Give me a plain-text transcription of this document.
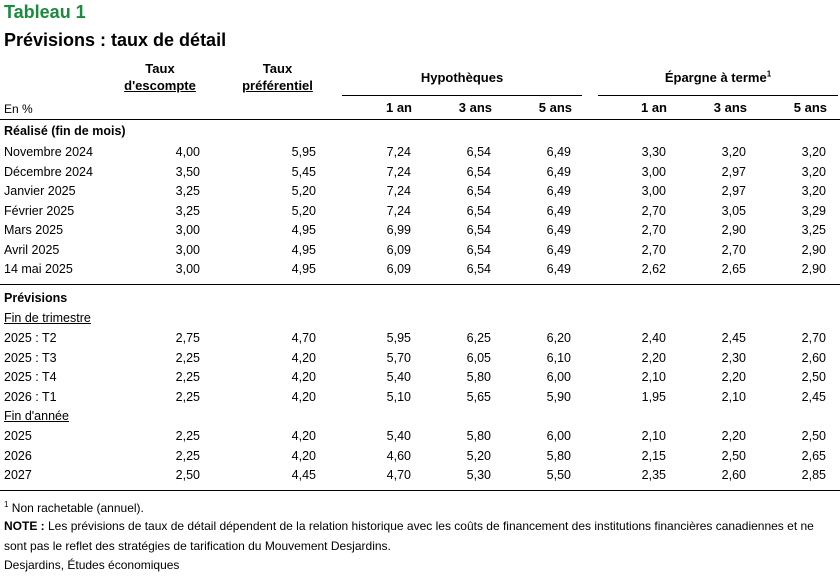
Tableau 1
Prévisions : taux de détail
Taux
d'escompte
Taux
préférentiel
Hypothèques	Épargne à terme$^1$
En %	1 an	3 ans	5 ans	1 an	3 ans	5 ans
Réalisé (fin de mois)
Novembre 2024	4,00	5,95	7,24	6,54	6,49	3,30	3,20	3,20
Décembre 2024	3,50	5,45	7,24	6,54	6,49	3,00	2,97	3,20
Janvier 2025	3,25	5,20	7,24	6,54	6,49	3,00	2,97	3,20
Février 2025	3,25	5,20	7,24	6,54	6,49	2,70	3,05	3,29
Mars 2025	3,00	4,95	6,99	6,54	6,49	2,70	2,90	3,25
Avril 2025	3,00	4,95	6,09	6,54	6,49	2,70	2,70	2,90
14 mai 2025	3,00	4,95	6,09	6,54	6,49	2,62	2,65	2,90
Prévisions
Fin de trimestre
2025 : T2	2,75	4,70	5,95	6,25	6,20	2,40	2,45	2,70
2025 : T3	2,25	4,20	5,70	6,05	6,10	2,20	2,30	2,60
2025 : T4	2,25	4,20	5,40	5,80	6,00	2,10	2,20	2,50
2026 : T1	2,25	4,20	5,10	5,65	5,90	1,95	2,10	2,45
Fin d'année
2025	2,25	4,20	5,40	5,80	6,00	2,10	2,20	2,50
2026	2,25	4,20	4,60	5,20	5,80	2,15	2,50	2,65
2027	2,50	4,45	4,70	5,30	5,50	2,35	2,60	2,85
$^1$ Non rachetable (annuel).
NOTE : Les prévisions de taux de détail dépendent de la relation historique avec les coûts de financement des institutions financières canadiennes et ne
sont pas le reflet des stratégies de tarification du Mouvement Desjardins.
Desjardins, Études économiques
